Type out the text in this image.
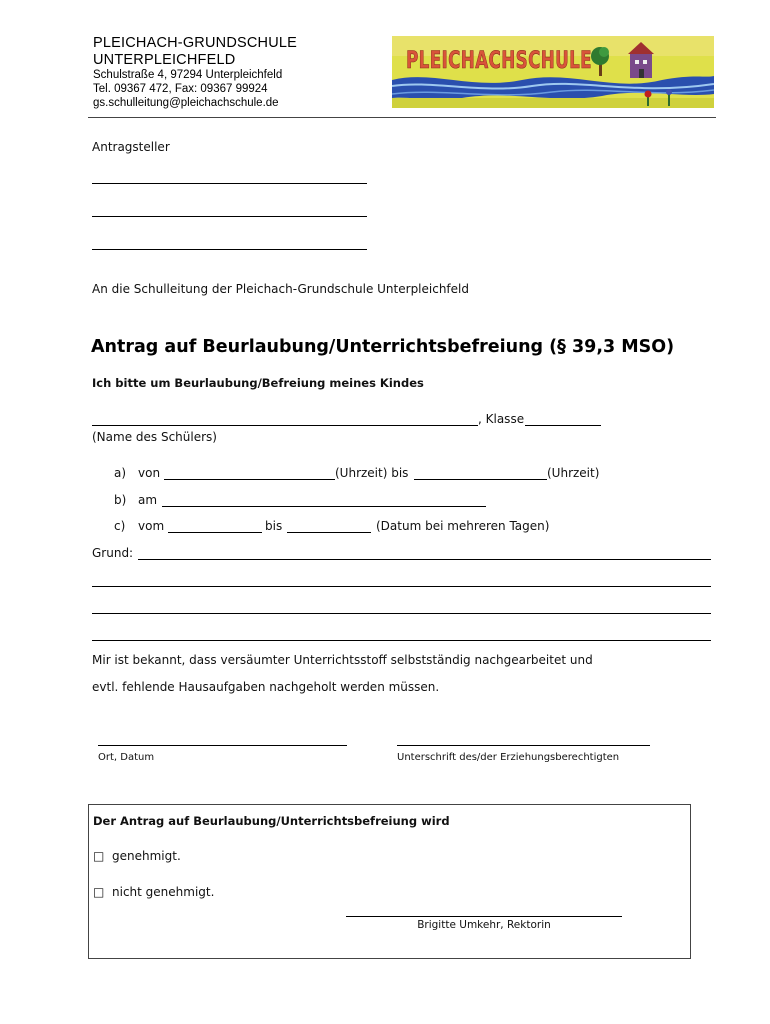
PLEICHACH-GRUNDSCHULE
UNTERPLEICHFELD
Schulstraße 4, 97294 Unterpleichfeld
Tel. 09367 472, Fax: 09367 99924
gs.schulleitung@pleichachschule.de
PLEICHACHSCHULE
Antragsteller
An die Schulleitung der Pleichach-Grundschule Unterpleichfeld
Antrag auf Beurlaubung/Unterrichtsbefreiung (§ 39,3 MSO)
Ich bitte um Beurlaubung/Befreiung meines Kindes
, Klasse
(Name des Schülers)
a) von	(Uhrzeit) bis	(Uhrzeit)
b) am
c) vom	bis	(Datum bei mehreren Tagen)
Grund:
Mir ist bekannt, dass versäumter Unterrichtsstoff selbstständig nachgearbeitet und
evtl. fehlende Hausaufgaben nachgeholt werden müssen.
Ort, Datum	Unterschrift des/der Erziehungsberechtigten
Der Antrag auf Beurlaubung/Unterrichtsbefreiung wird
□ genehmigt.
□ nicht genehmigt.
Brigitte Umkehr, Rektorin
